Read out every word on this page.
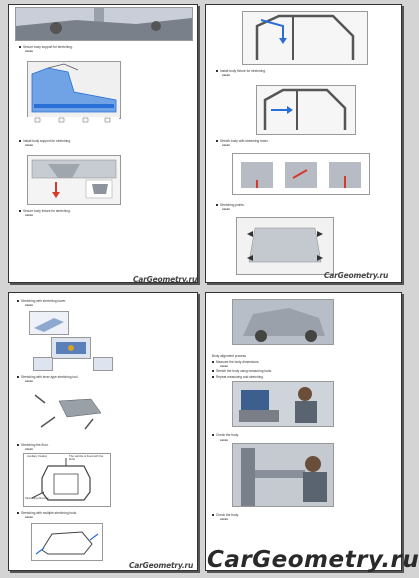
Secure body support for stretching.
■■■■■
Install body support for stretching.
■■■■■
Secure body fixture for stretching.
■■■■■
CarGeometry.ru
Install body fixture for stretching.
■■■■■
Stretch body with stretching tower.
■■■■■
Stretching points.
■■■■■
CarGeometry.ru
Stretching with stretching tower.
■■■■■
Stretching with lever-type stretching tool.
■■■■■
Stretching the floor.
■■■■■
Auxiliary fixation	The vehicle is fixed with the bolts
Stretching direction
Stretching with multiple stretching tools.
■■■■■
CarGeometry.ru
Body alignment process
Measure the body dimensions.
■■■■■
Stretch the body using measuring tools.
Repeat measuring and stretching.
Check the body.
■■■■■
Check the body.
■■■■■
CarGeometry.ru
